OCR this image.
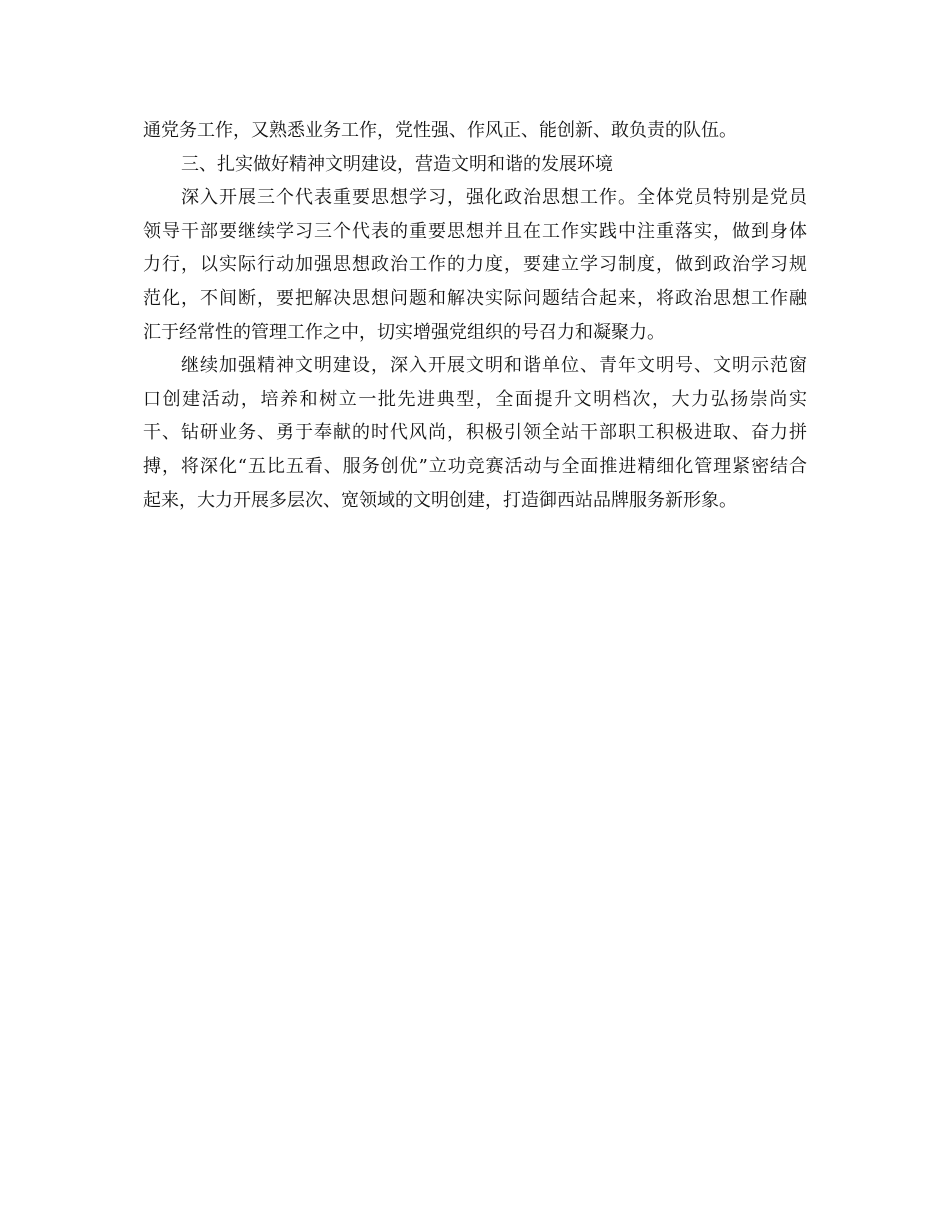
通党务工作，又熟悉业务工作，党性强、作风正、能创新、敢负责的队伍。
三、扎实做好精神文明建设，营造文明和谐的发展环境
深入开展三个代表重要思想学习，强化政治思想工作。全体党员特别是党员
领导干部要继续学习三个代表的重要思想并且在工作实践中注重落实，做到身体
力行，以实际行动加强思想政治工作的力度，要建立学习制度，做到政治学习规
范化，不间断，要把解决思想问题和解决实际问题结合起来，将政治思想工作融
汇于经常性的管理工作之中，切实增强党组织的号召力和凝聚力。
继续加强精神文明建设，深入开展文明和谐单位、青年文明号、文明示范窗
口创建活动，培养和树立一批先进典型，全面提升文明档次，大力弘扬崇尚实
干、钻研业务、勇于奉献的时代风尚，积极引领全站干部职工积极进取、奋力拼
搏，将深化“五比五看、服务创优”立功竞赛活动与全面推进精细化管理紧密结合
起来，大力开展多层次、宽领域的文明创建，打造御西站品牌服务新形象。
